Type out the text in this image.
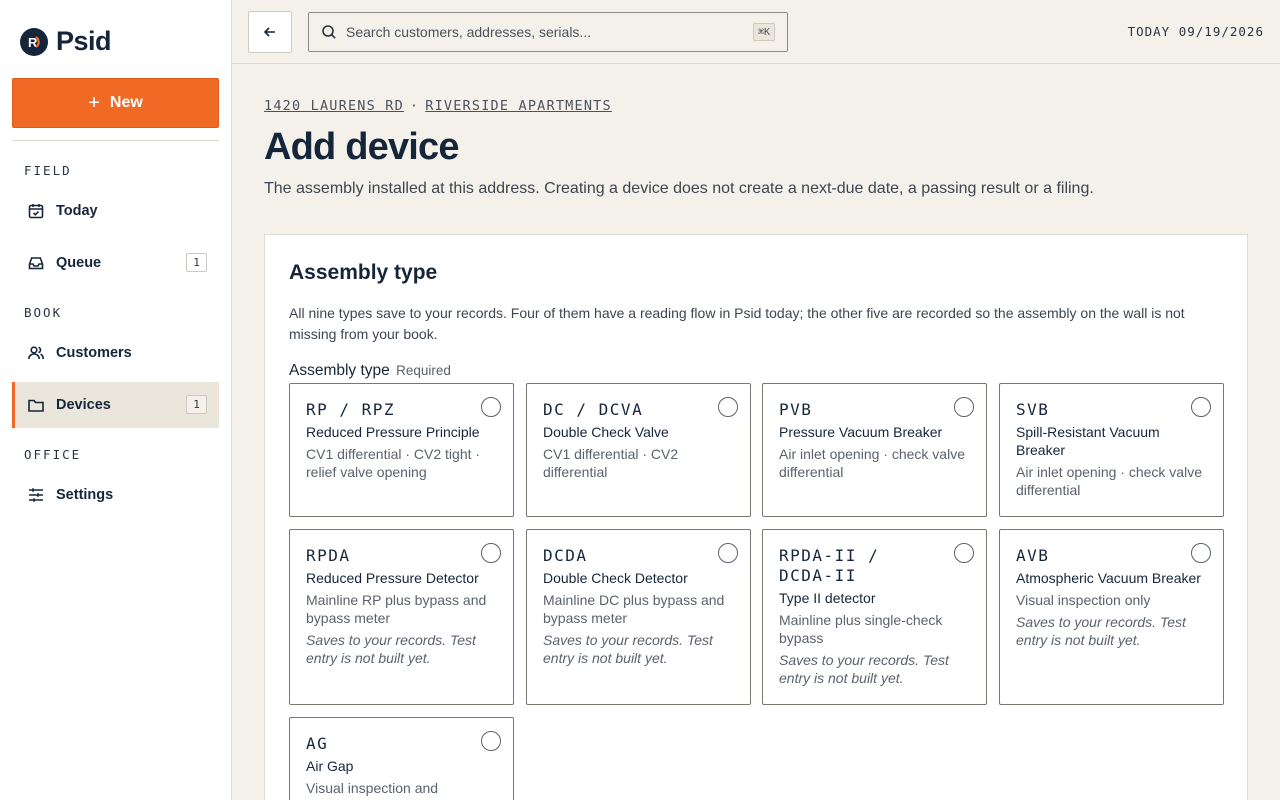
R Psid
+ New
FIELD
Today
Queue	1
BOOK
Customers
Devices	1
OFFICE
Settings
Search customers, addresses, serials...
⌘K	TODAY 09/19/2026
1420 LAURENS RD · RIVERSIDE APARTMENTS
Add device

The assembly installed at this address. Creating a device does not create a next-due date, a passing result or a filing.

Assembly type

All nine types save to your records. Four of them have a reading flow in Psid today; the other five are recorded so the assembly on the wall is not missing from your book.

Assembly type Required
RP / RPZ
Reduced Pressure Principle
CV1 differential · CV2 tight · relief valve opening
DC / DCVA
Double Check Valve
CV1 differential · CV2 differential
PVB
Pressure Vacuum Breaker
Air inlet opening · check valve differential
SVB
Spill-Resistant Vacuum Breaker
Air inlet opening · check valve differential
RPDA
Reduced Pressure Detector
Mainline RP plus bypass and bypass meter
Saves to your records. Test entry is not built yet.
DCDA
Double Check Detector
Mainline DC plus bypass and bypass meter
Saves to your records. Test entry is not built yet.
RPDA-II / DCDA-II
Type II detector
Mainline plus single-check bypass
Saves to your records. Test entry is not built yet.
AVB
Atmospheric Vacuum Breaker
Visual inspection only
Saves to your records. Test entry is not built yet.
AG
Air Gap
Visual inspection and
